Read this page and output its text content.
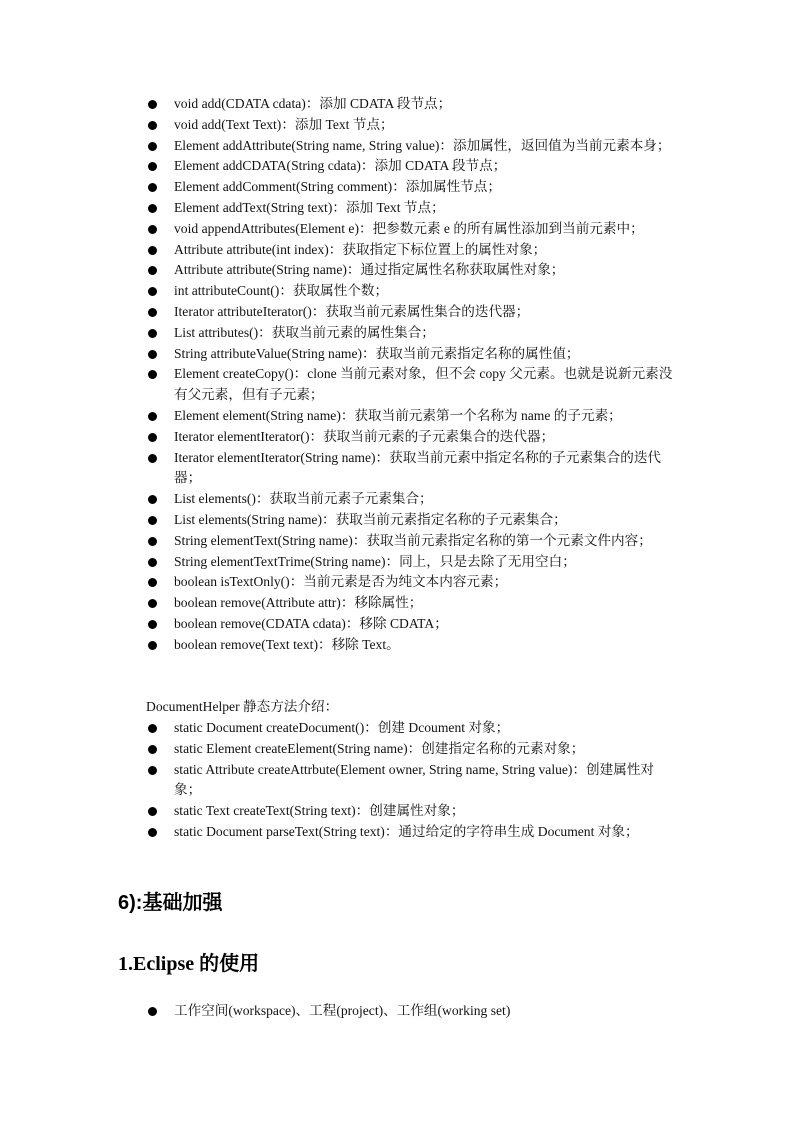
void add(CDATA cdata)：添加 CDATA 段节点；
void add(Text Text)：添加 Text 节点；
Element addAttribute(String name, String value)：添加属性，返回值为当前元素本身；
Element addCDATA(String cdata)：添加 CDATA 段节点；
Element addComment(String comment)：添加属性节点；
Element addText(String text)：添加 Text 节点；
void appendAttributes(Element e)：把参数元素 e 的所有属性添加到当前元素中；
Attribute attribute(int index)：获取指定下标位置上的属性对象；
Attribute attribute(String name)：通过指定属性名称获取属性对象；
int attributeCount()：获取属性个数；
Iterator attributeIterator()：获取当前元素属性集合的迭代器；
List attributes()：获取当前元素的属性集合；
String attributeValue(String name)：获取当前元素指定名称的属性值；
Element createCopy()：clone 当前元素对象，但不会 copy 父元素。也就是说新元素没有父元素，但有子元素；
Element element(String name)：获取当前元素第一个名称为 name 的子元素；
Iterator elementIterator()：获取当前元素的子元素集合的迭代器；
Iterator elementIterator(String name)：获取当前元素中指定名称的子元素集合的迭代器；
List elements()：获取当前元素子元素集合；
List elements(String name)：获取当前元素指定名称的子元素集合；
String elementText(String name)：获取当前元素指定名称的第一个元素文件内容；
String elementTextTrime(String name)：同上，只是去除了无用空白；
boolean isTextOnly()：当前元素是否为纯文本内容元素；
boolean remove(Attribute attr)：移除属性；
boolean remove(CDATA cdata)：移除 CDATA；
boolean remove(Text text)：移除 Text。
DocumentHelper 静态方法介绍：
static Document createDocument()：创建 Dcoument 对象；
static Element createElement(String name)：创建指定名称的元素对象；
static Attribute createAttrbute(Element owner, String name, String value)：创建属性对象；
static Text createText(String text)：创建属性对象；
static Document parseText(String text)：通过给定的字符串生成 Document 对象；
6):基础加强
1.Eclipse 的使用
工作空间(workspace)、工程(project)、工作组(working set)
